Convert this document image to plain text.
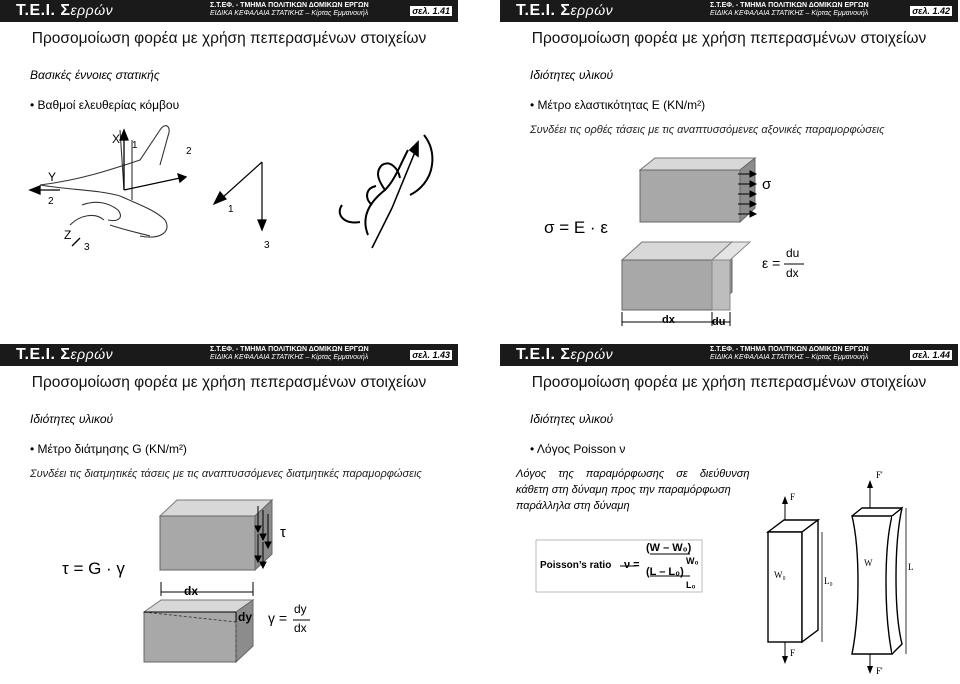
Τ.Ε.Ι. Σερρών	Σ.Τ.ΕΦ. - ΤΜΗΜΑ ΠΟΛΙΤΙΚΩΝ ΔΟΜΙΚΩΝ ΕΡΓΩΝ
ΕΙΔΙΚΑ ΚΕΦΑΛΑΙΑ ΣΤΑΤΙΚΗΣ – Κίρτας Εμμανουήλ	σελ. 1.41
Προσομοίωση φορέα με χρήση πεπερασμένων στοιχείων
Βασικές έννοιες στατικής
• Βαθμοί ελευθερίας κόμβου
X 1
2
Y
2
Z
3
1
3
Τ.Ε.Ι. Σερρών	Σ.Τ.ΕΦ. - ΤΜΗΜΑ ΠΟΛΙΤΙΚΩΝ ΔΟΜΙΚΩΝ ΕΡΓΩΝ
ΕΙΔΙΚΑ ΚΕΦΑΛΑΙΑ ΣΤΑΤΙΚΗΣ – Κίρτας Εμμανουήλ	σελ. 1.42
Προσομοίωση φορέα με χρήση πεπερασμένων στοιχείων
Ιδιότητες υλικού
• Μέτρο ελαστικότητας Ε (KN/m²)
Συνδέει τις ορθές τάσεις με τις αναπτυσσόμενες αξονικές παραμορφώσεις
σ
σ = E · ε
ε =
du
dx
dx	du
Τ.Ε.Ι. Σερρών	Σ.Τ.ΕΦ. - ΤΜΗΜΑ ΠΟΛΙΤΙΚΩΝ ΔΟΜΙΚΩΝ ΕΡΓΩΝ
ΕΙΔΙΚΑ ΚΕΦΑΛΑΙΑ ΣΤΑΤΙΚΗΣ – Κίρτας Εμμανουήλ	σελ. 1.43
Προσομοίωση φορέα με χρήση πεπερασμένων στοιχείων
Ιδιότητες υλικού
• Μέτρο διάτμησης G (KN/m²)
Συνδέει τις διατμητικές τάσεις με τις αναπτυσσόμενες διατμητικές παραμορφώσεις
τ
τ = G · γ
dx
dy γ =
dy
dx
Τ.Ε.Ι. Σερρών	Σ.Τ.ΕΦ. - ΤΜΗΜΑ ΠΟΛΙΤΙΚΩΝ ΔΟΜΙΚΩΝ ΕΡΓΩΝ
ΕΙΔΙΚΑ ΚΕΦΑΛΑΙΑ ΣΤΑΤΙΚΗΣ – Κίρτας Εμμανουήλ	σελ. 1.44
Προσομοίωση φορέα με χρήση πεπερασμένων στοιχείων
Ιδιότητες υλικού
• Λόγος Poisson ν
Λόγος της παραμόρφωσης σε διεύθυνση
κάθετη στη δύναμη προς την παραμόρφωση
παράλληλα στη δύναμη
Poisson’s ratio ν =
(W – W₀)
W₀
(L – L₀)
L₀
F
F'
F
F'
W₀
L₀
W	L
